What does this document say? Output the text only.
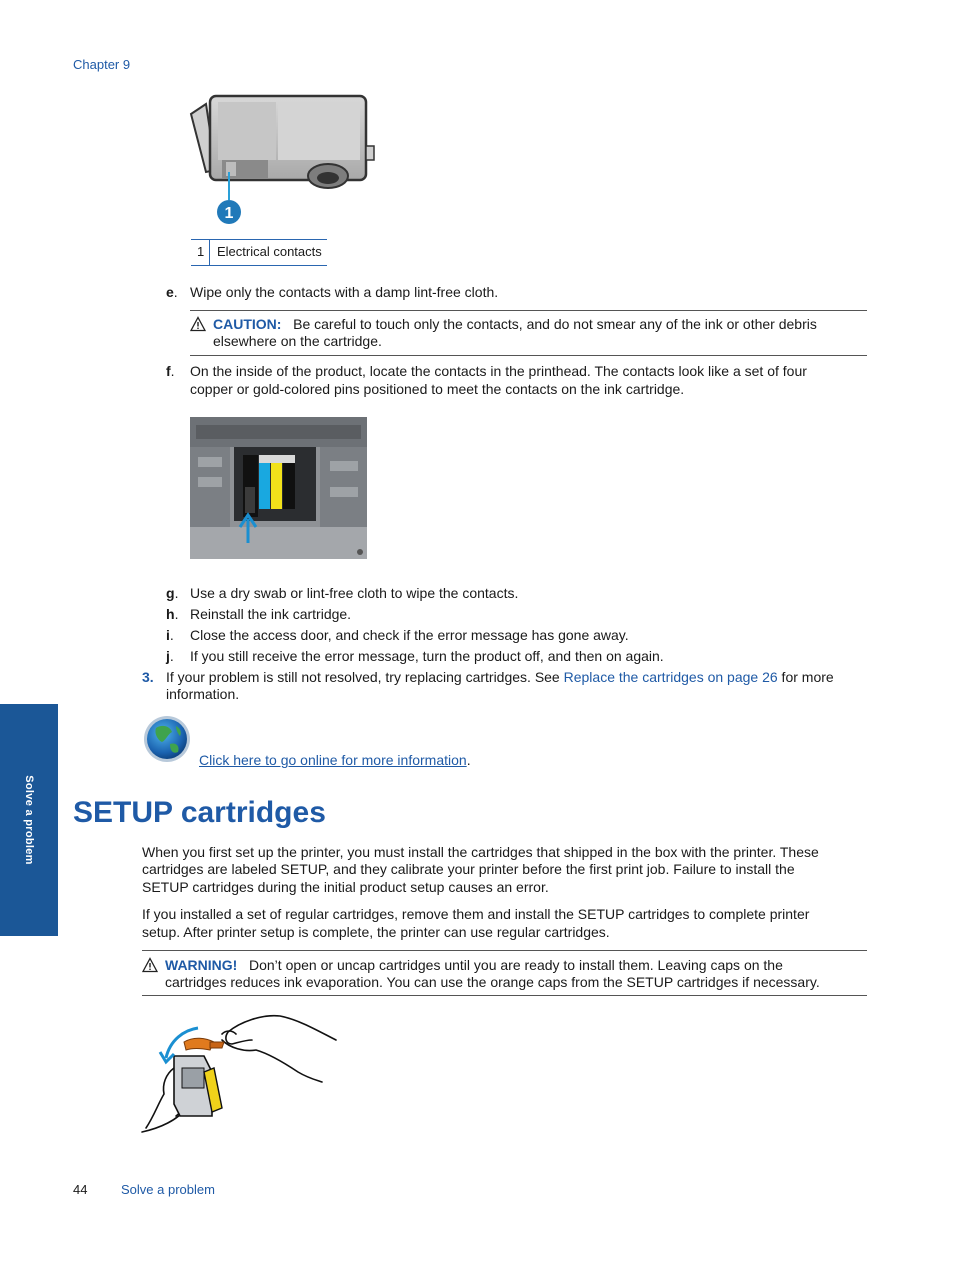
Chapter 9
Solve a problem
1
1 Electrical contacts
e. Wipe only the contacts with a damp lint-free cloth.
CAUTION: Be careful to touch only the contacts, and do not smear any of the ink or other debris
elsewhere on the cartridge.
f. On the inside of the product, locate the contacts in the printhead. The contacts look like a set of four
copper or gold-colored pins positioned to meet the contacts on the ink cartridge.
g. Use a dry swab or lint-free cloth to wipe the contacts.
h. Reinstall the ink cartridge.
i. Close the access door, and check if the error message has gone away.
j. If you still receive the error message, turn the product off, and then on again.
3. If your problem is still not resolved, try replacing cartridges. See Replace the cartridges on page 26 for more
information.
Click here to go online for more information.
SETUP cartridges
When you first set up the printer, you must install the cartridges that shipped in the box with the printer. These
cartridges are labeled SETUP, and they calibrate your printer before the first print job. Failure to install the
SETUP cartridges during the initial product setup causes an error.
If you installed a set of regular cartridges, remove them and install the SETUP cartridges to complete printer
setup. After printer setup is complete, the printer can use regular cartridges.
WARNING! Don’t open or uncap cartridges until you are ready to install them. Leaving caps on the
cartridges reduces ink evaporation. You can use the orange caps from the SETUP cartridges if necessary.
44	Solve a problem
